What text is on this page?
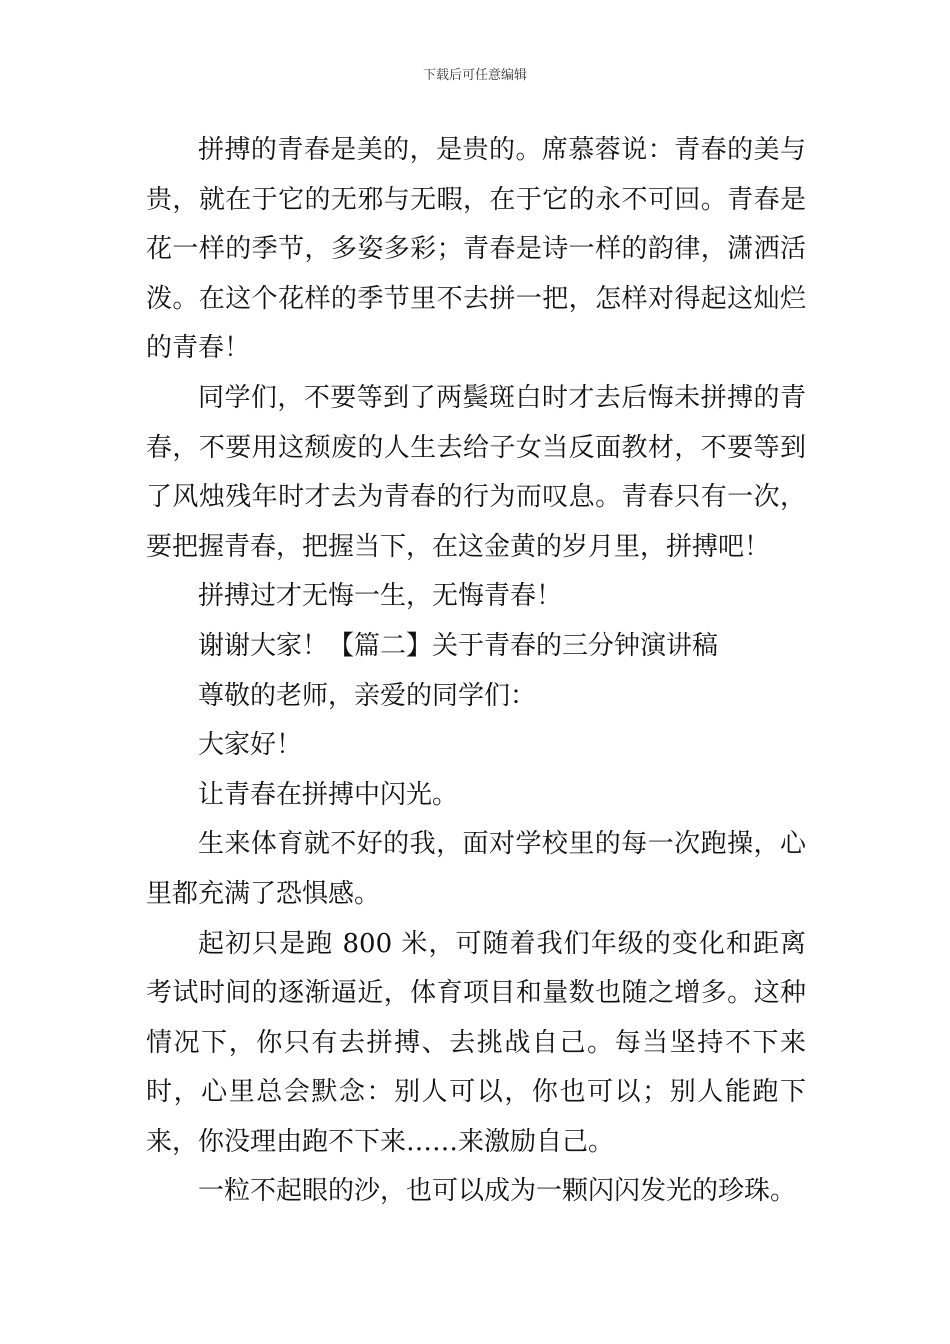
下载后可任意编辑

拼搏的青春是美的，是贵的。席慕蓉说：青春的美与贵，就在于它的无邪与无暇，在于它的永不可回。青春是花一样的季节，多姿多彩；青春是诗一样的韵律，潇洒活泼。在这个花样的季节里不去拼一把，怎样对得起这灿烂的青春！

同学们，不要等到了两鬓斑白时才去后悔未拼搏的青春，不要用这颓废的人生去给子女当反面教材，不要等到了风烛残年时才去为青春的行为而叹息。青春只有一次，要把握青春，把握当下，在这金黄的岁月里，拼搏吧！

拼搏过才无悔一生，无悔青春！

谢谢大家！【篇二】关于青春的三分钟演讲稿

尊敬的老师，亲爱的同学们：

大家好！

让青春在拼搏中闪光。

生来体育就不好的我，面对学校里的每一次跑操，心里都充满了恐惧感。

起初只是跑 800 米，可随着我们年级的变化和距离考试时间的逐渐逼近，体育项目和量数也随之增多。这种情况下，你只有去拼搏、去挑战自己。每当坚持不下来时，心里总会默念：别人可以，你也可以；别人能跑下来，你没理由跑不下来……来激励自己。

一粒不起眼的沙，也可以成为一颗闪闪发光的珍珠。
